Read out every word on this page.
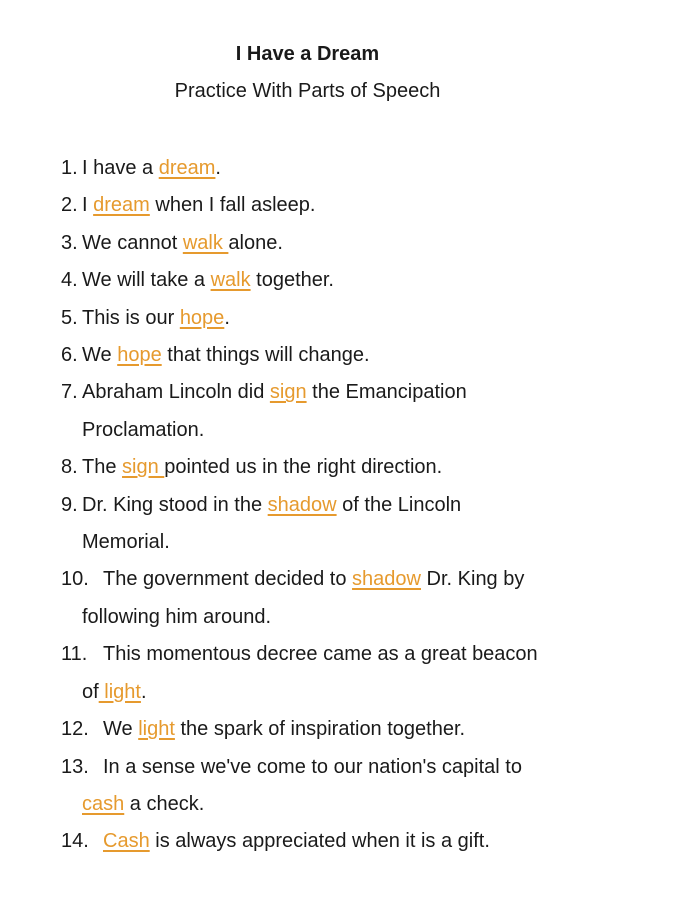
I Have a Dream
Practice With Parts of Speech
1. I have a dream.
2. I dream when I fall asleep.
3. We cannot walk alone.
4. We will take a walk together.
5. This is our hope.
6. We hope that things will change.
7. Abraham Lincoln did sign the Emancipation
Proclamation.
8. The sign pointed us in the right direction.
9. Dr. King stood in the shadow of the Lincoln
Memorial.
10. The government decided to shadow Dr. King by
following him around.
11. This momentous decree came as a great beacon
of light.
12. We light the spark of inspiration together.
13. In a sense we've come to our nation's capital to
cash a check.
14. Cash is always appreciated when it is a gift.
